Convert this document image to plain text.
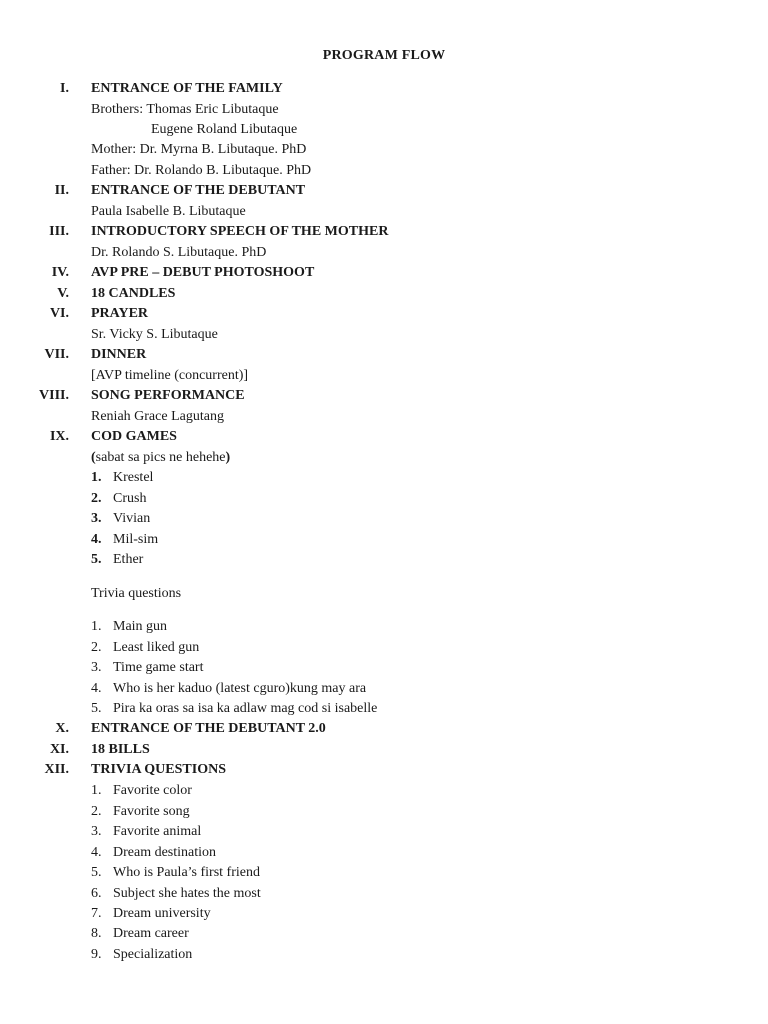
PROGRAM FLOW
I. ENTRANCE OF THE FAMILY
Brothers: Thomas Eric Libutaque
Eugene Roland Libutaque
Mother: Dr. Myrna B. Libutaque. PhD
Father: Dr. Rolando B. Libutaque. PhD
II. ENTRANCE OF THE DEBUTANT
Paula Isabelle B. Libutaque
III. INTRODUCTORY SPEECH OF THE MOTHER
Dr. Rolando S. Libutaque. PhD
IV. AVP PRE – DEBUT PHOTOSHOOT
V. 18 CANDLES
VI. PRAYER
Sr. Vicky S. Libutaque
VII. DINNER
[AVP timeline (concurrent)]
VIII. SONG PERFORMANCE
Reniah Grace Lagutang
IX. COD GAMES
(sabat sa pics ne hehehe)
1. Krestel
2. Crush
3. Vivian
4. Mil-sim
5. Ether
Trivia questions
1. Main gun
2. Least liked gun
3. Time game start
4. Who is her kaduo (latest cguro)kung may ara
5. Pira ka oras sa isa ka adlaw mag cod si isabelle
X. ENTRANCE OF THE DEBUTANT 2.0
XI. 18 BILLS
XII. TRIVIA QUESTIONS
1. Favorite color
2. Favorite song
3. Favorite animal
4. Dream destination
5. Who is Paula’s first friend
6. Subject she hates the most
7. Dream university
8. Dream career
9. Specialization
